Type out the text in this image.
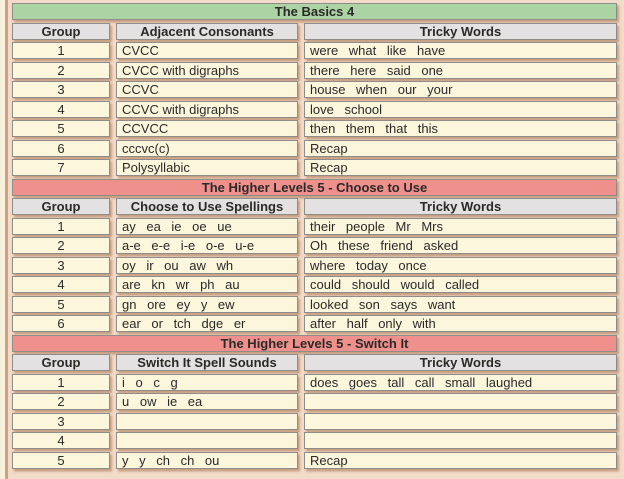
The Basics 4
Group	Adjacent Consonants	Tricky Words
1	CVCC	were what like have
2	CVCC with digraphs	there here said one
3	CCVC	house when our your
4	CCVC with digraphs	love school
5	CCVCC	then them that this
6	cccvc(c)	Recap
7	Polysyllabic	Recap
The Higher Levels 5 - Choose to Use
Group	Choose to Use Spellings	Tricky Words
1	ay ea ie oe ue	their people Mr Mrs
2	a-e e-e i-e o-e u-e	Oh these friend asked
3	oy ir ou aw wh	where today once
4	are kn wr ph au	could should would called
5	gn ore ey y ew	looked son says want
6	ear or tch dge er	after half only with
The Higher Levels 5 - Switch It
Group	Switch It Spell Sounds	Tricky Words
1	i o c g	does goes tall call small laughed
2	u ow ie ea
3
4
5	y y ch ch ou	Recap
